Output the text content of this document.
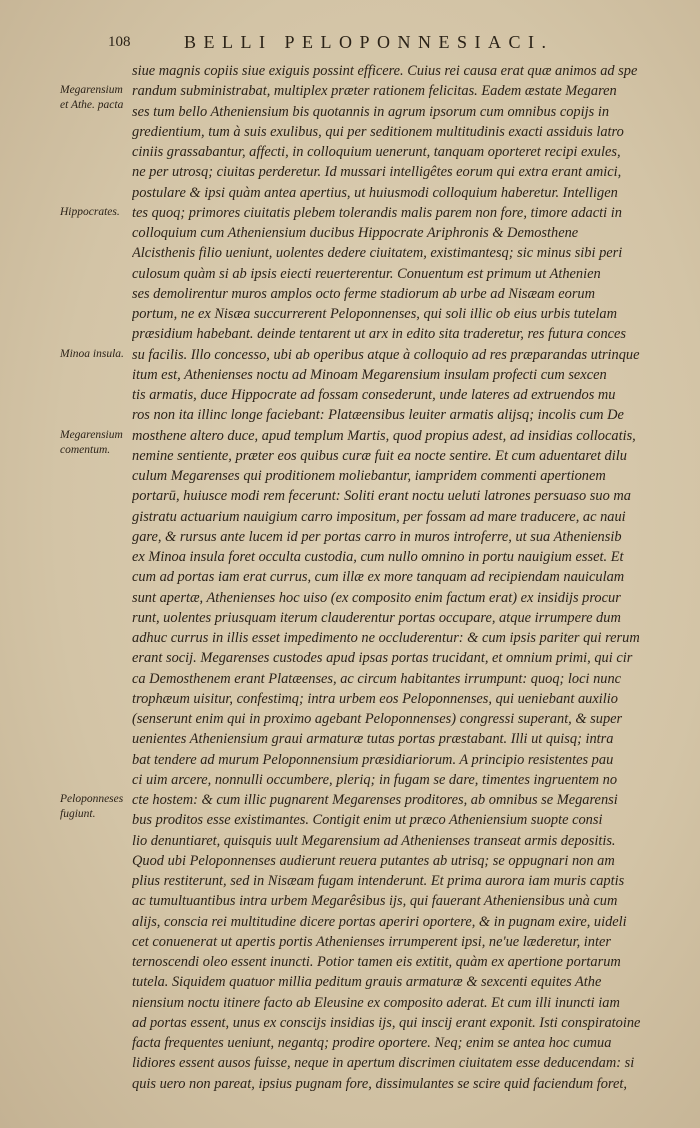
108	BELLI PELOPONNESIACI.
siue magnis copiis siue exiguis possint efficere. Cuius rei causa erat quæ animos ad spe
randum subministrabat, multiplex præter rationem felicitas. Eadem æstate Megaren
ses tum bello Atheniensium bis quotannis in agrum ipsorum cum omnibus copijs in
gredientium, tum à suis exulibus, qui per seditionem multitudinis exacti assiduis latro
ciniis grassabantur, affecti, in colloquium uenerunt, tanquam oporteret recipi exules,
ne per utrosq; ciuitas perderetur. Id mussari intelligêtes eorum qui extra erant amici,
postulare & ipsi quàm antea apertius, ut huiusmodi colloquium haberetur. Intelligen
tes quoq; primores ciuitatis plebem tolerandis malis parem non fore, timore adacti in
colloquium cum Atheniensium ducibus Hippocrate Ariphronis & Demosthene
Alcisthenis filio ueniunt, uolentes dedere ciuitatem, existimantesq; sic minus sibi peri
culosum quàm si ab ipsis eiecti reuerterentur. Conuentum est primum ut Athenien
ses demolirentur muros amplos octo ferme stadiorum ab urbe ad Nisæam eorum
portum, ne ex Nisæa succurrerent Peloponnenses, qui soli illic ob eius urbis tutelam
præsidium habebant. deinde tentarent ut arx in edito sita traderetur, res futura conces
su facilis. Illo concesso, ubi ab operibus atque à colloquio ad res præparandas utrinque
itum est, Athenienses noctu ad Minoam Megarensium insulam profecti cum sexcen
tis armatis, duce Hippocrate ad fossam consederunt, unde lateres ad extruendos mu
ros non ita illinc longe faciebant: Platæensibus leuiter armatis alijsq; incolis cum De
mosthene altero duce, apud templum Martis, quod propius adest, ad insidias collocatis,
nemine sentiente, præter eos quibus curæ fuit ea nocte sentire. Et cum aduentaret dilu
culum Megarenses qui proditionem moliebantur, iampridem commenti apertionem
portarū, huiusce modi rem fecerunt: Soliti erant noctu ueluti latrones persuaso suo ma
gistratu actuarium nauigium carro impositum, per fossam ad mare traducere, ac naui
gare, & rursus ante lucem id per portas carro in muros introferre, ut sua Atheniensib
ex Minoa insula foret occulta custodia, cum nullo omnino in portu nauigium esset. Et
cum ad portas iam erat currus, cum illæ ex more tanquam ad recipiendam nauiculam
sunt apertæ, Athenienses hoc uiso (ex composito enim factum erat) ex insidijs procur
runt, uolentes priusquam iterum clauderentur portas occupare, atque irrumpere dum
adhuc currus in illis esset impedimento ne occluderentur: & cum ipsis pariter qui rerum
erant socij. Megarenses custodes apud ipsas portas trucidant, et omnium primi, qui cir
ca Demosthenem erant Platæenses, ac circum habitantes irrumpunt: quoq; loci nunc
trophæum uisitur, confestimq; intra urbem eos Peloponnenses, qui ueniebant auxilio
(senserunt enim qui in proximo agebant Peloponnenses) congressi superant, & super
uenientes Atheniensium graui armaturæ tutas portas præstabant. Illi ut quisq; intra
bat tendere ad murum Peloponnensium præsidiariorum. A principio resistentes pau
ci uim arcere, nonnulli occumbere, pleriq; in fugam se dare, timentes ingruentem no
cte hostem: & cum illic pugnarent Megarenses proditores, ab omnibus se Megarensi
bus proditos esse existimantes. Contigit enim ut præco Atheniensium suopte consi
lio denuntiaret, quisquis uult Megarensium ad Athenienses transeat armis depositis.
Quod ubi Peloponnenses audierunt reuera putantes ab utrisq; se oppugnari non am
plius restiterunt, sed in Nisæam fugam intenderunt. Et prima aurora iam muris captis
ac tumultuantibus intra urbem Megarêsibus ijs, qui fauerant Atheniensibus unà cum
alijs, conscia rei multitudine dicere portas aperiri oportere, & in pugnam exire, uideli
cet conuenerat ut apertis portis Athenienses irrumperent ipsi, ne'ue læderetur, inter
ternoscendi oleo essent inuncti. Potior tamen eis extitit, quàm ex apertione portarum
tutela. Siquidem quatuor millia peditum grauis armaturæ & sexcenti equites Athe
niensium noctu itinere facto ab Eleusine ex composito aderat. Et cum illi inuncti iam
ad portas essent, unus ex conscijs insidias ijs, qui insciј erant exponit. Isti conspiratoine
facta frequentes ueniunt, negantq; prodire oportere. Neq; enim se antea hoc cumua
lidiores essent ausos fuisse, neque in apertum discrimen ciuitatem esse deducendam: si
quis uero non pareat, ipsius pugnam fore, dissimulantes se scire quid faciendum foret,
Megarensium
et Athe. pacta
Hippocrates.
Minoa insula.
Megarensium
comentum.
Peloponneses
fugiunt.
